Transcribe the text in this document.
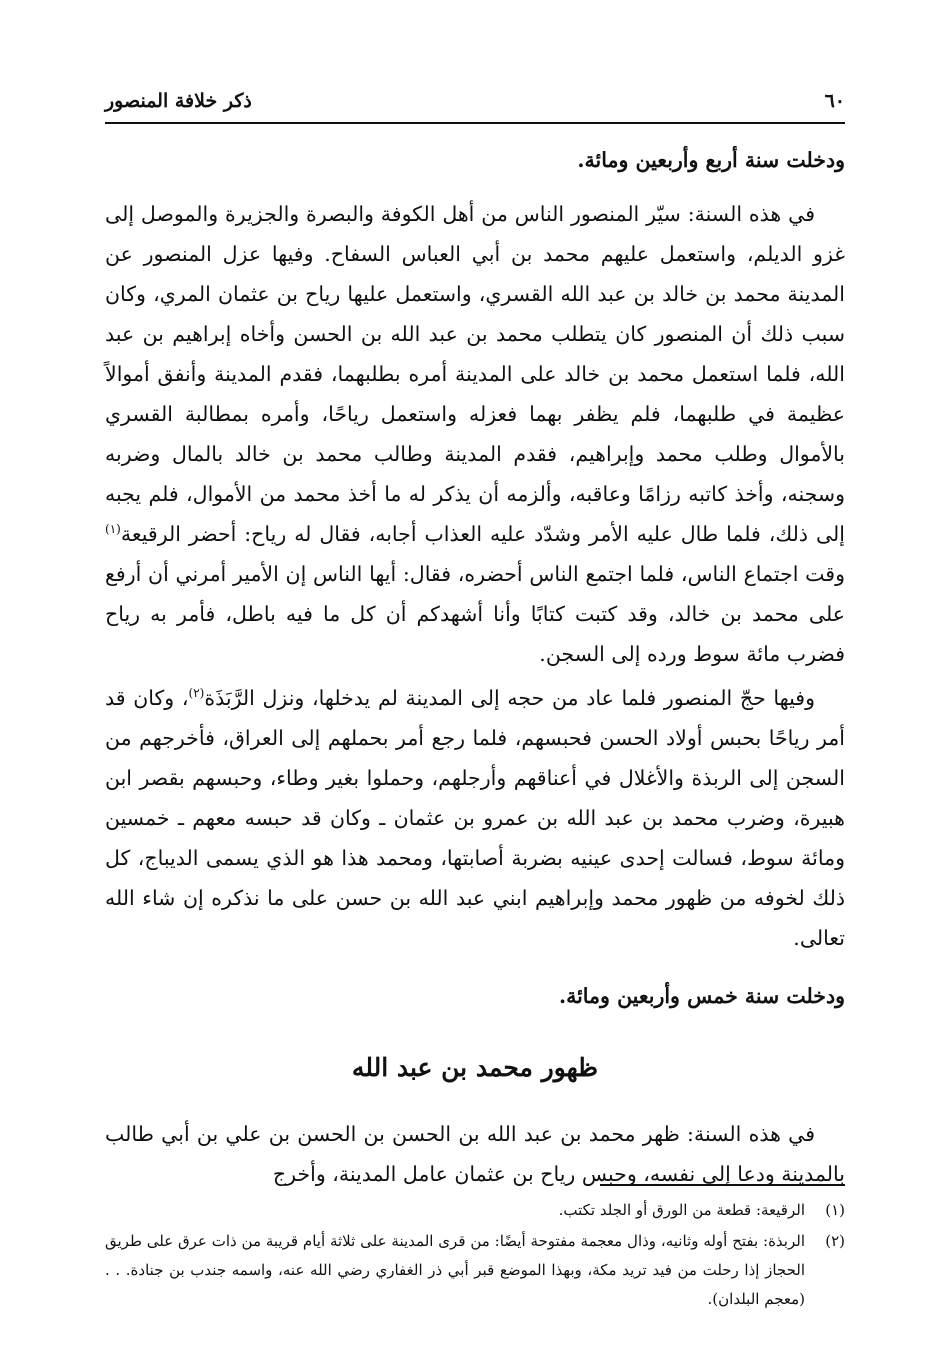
٦٠
ذكر خلافة المنصور

ودخلت سنة أربع وأربعين ومائة.

في هذه السنة: سيّر المنصور الناس من أهل الكوفة والبصرة والجزيرة والموصل إلى غزو الديلم، واستعمل عليهم محمد بن أبي العباس السفاح. وفيها عزل المنصور عن المدينة محمد بن خالد بن عبد الله القسري، واستعمل عليها رياح بن عثمان المري، وكان سبب ذلك أن المنصور كان يتطلب محمد بن عبد الله بن الحسن وأخاه إبراهيم بن عبد الله، فلما استعمل محمد بن خالد على المدينة أمره بطلبهما، فقدم المدينة وأنفق أموالاً عظيمة في طلبهما، فلم يظفر بهما فعزله واستعمل رياحًا، وأمره بمطالبة القسري بالأموال وطلب محمد وإبراهيم، فقدم المدينة وطالب محمد بن خالد بالمال وضربه وسجنه، وأخذ كاتبه رزامًا وعاقبه، وألزمه أن يذكر له ما أخذ محمد من الأموال، فلم يجبه إلى ذلك، فلما طال عليه الأمر وشدّد عليه العذاب أجابه، فقال له رياح: أحضر الرقيعة$^{(١)}$ وقت اجتماع الناس، فلما اجتمع الناس أحضره، فقال: أيها الناس إن الأمير أمرني أن أرفع على محمد بن خالد، وقد كتبت كتابًا وأنا أشهدكم أن كل ما فيه باطل، فأمر به رياح فضرب مائة سوط ورده إلى السجن.

وفيها حجّ المنصور فلما عاد من حجه إلى المدينة لم يدخلها، ونزل الرَّبَذَة$^{(٢)}$، وكان قد أمر رياحًا بحبس أولاد الحسن فحبسهم، فلما رجع أمر بحملهم إلى العراق، فأخرجهم من السجن إلى الربذة والأغلال في أعناقهم وأرجلهم، وحملوا بغير وطاء، وحبسهم بقصر ابن هبيرة، وضرب محمد بن عبد الله بن عمرو بن عثمان ـ وكان قد حبسه معهم ـ خمسين ومائة سوط، فسالت إحدى عينيه بضربة أصابتها، ومحمد هذا هو الذي يسمى الديباج، كل ذلك لخوفه من ظهور محمد وإبراهيم ابني عبد الله بن حسن على ما نذكره إن شاء الله تعالى.

ودخلت سنة خمس وأربعين ومائة.

ظهور محمد بن عبد الله

في هذه السنة: ظهر محمد بن عبد الله بن الحسن بن الحسن بن علي بن أبي طالب بالمدينة ودعا إلى نفسه، وحبس رياح بن عثمان عامل المدينة، وأخرج

(١)
الرقيعة: قطعة من الورق أو الجلد تكتب.

(٢)
الربذة: بفتح أوله وثانيه، وذال معجمة مفتوحة أيضًا: من قرى المدينة على ثلاثة أيام قريبة من ذات عرق على طريق الحجاز إذا رحلت من فيد تريد مكة، وبهذا الموضع قبر أبي ذر الغفاري رضي الله عنه، واسمه جندب بن جنادة. . . (معجم البلدان).
